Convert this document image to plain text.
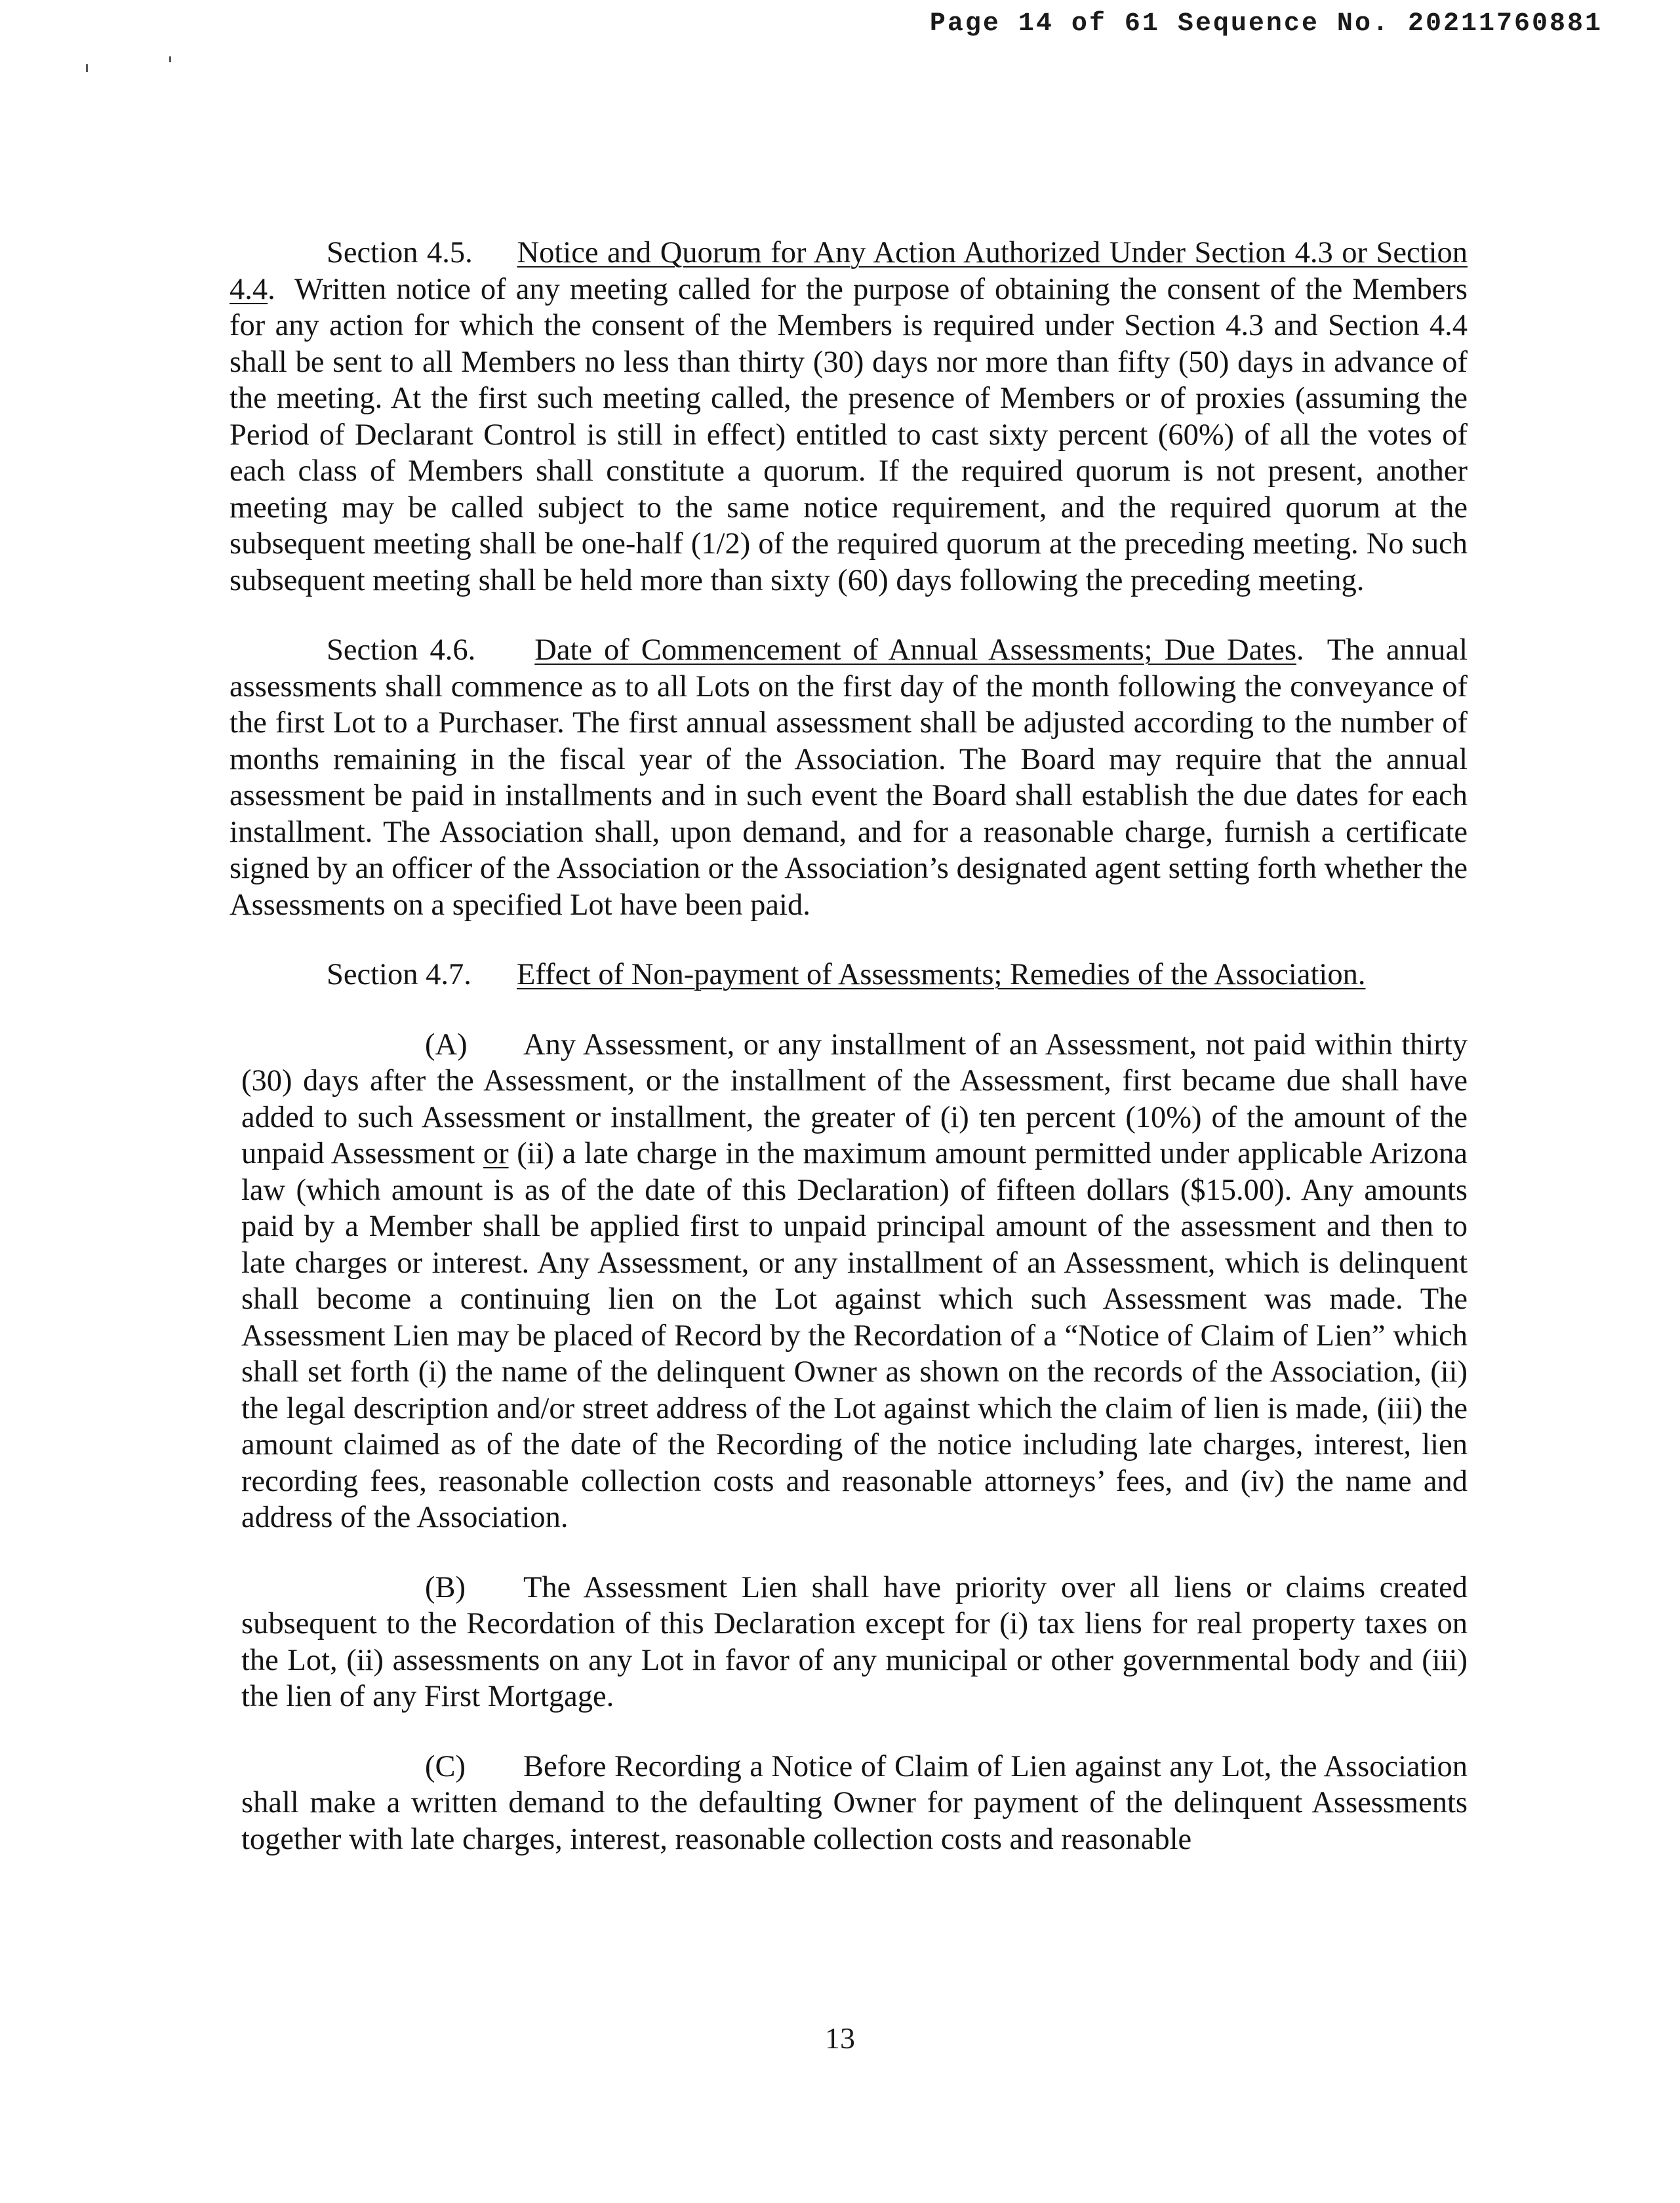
Page 14 of 61 Sequence No. 20211760881

Section 4.5. Notice and Quorum for Any Action Authorized Under Section 4.3 or Section 4.4. Written notice of any meeting called for the purpose of obtaining the consent of the Members for any action for which the consent of the Members is required under Section 4.3 and Section 4.4 shall be sent to all Members no less than thirty (30) days nor more than fifty (50) days in advance of the meeting. At the first such meeting called, the presence of Members or of proxies (assuming the Period of Declarant Control is still in effect) entitled to cast sixty percent (60%) of all the votes of each class of Members shall constitute a quorum. If the required quorum is not present, another meeting may be called subject to the same notice requirement, and the required quorum at the subsequent meeting shall be one-half (1/2) of the required quorum at the preceding meeting. No such subsequent meeting shall be held more than sixty (60) days following the preceding meeting.

Section 4.6. Date of Commencement of Annual Assessments; Due Dates. The annual assessments shall commence as to all Lots on the first day of the month following the conveyance of the first Lot to a Purchaser. The first annual assessment shall be adjusted according to the number of months remaining in the fiscal year of the Association. The Board may require that the annual assessment be paid in installments and in such event the Board shall establish the due dates for each installment. The Association shall, upon demand, and for a reasonable charge, furnish a certificate signed by an officer of the Association or the Association’s designated agent setting forth whether the Assessments on a specified Lot have been paid.

Section 4.7. Effect of Non-payment of Assessments; Remedies of the Association.

(A) Any Assessment, or any installment of an Assessment, not paid within thirty (30) days after the Assessment, or the installment of the Assessment, first became due shall have added to such Assessment or installment, the greater of (i) ten percent (10%) of the amount of the unpaid Assessment or (ii) a late charge in the maximum amount permitted under applicable Arizona law (which amount is as of the date of this Declaration) of fifteen dollars ($15.00). Any amounts paid by a Member shall be applied first to unpaid principal amount of the assessment and then to late charges or interest. Any Assessment, or any installment of an Assessment, which is delinquent shall become a continuing lien on the Lot against which such Assessment was made. The Assessment Lien may be placed of Record by the Recordation of a “Notice of Claim of Lien” which shall set forth (i) the name of the delinquent Owner as shown on the records of the Association, (ii) the legal description and/or street address of the Lot against which the claim of lien is made, (iii) the amount claimed as of the date of the Recording of the notice including late charges, interest, lien recording fees, reasonable collection costs and reasonable attorneys’ fees, and (iv) the name and address of the Association.

(B) The Assessment Lien shall have priority over all liens or claims created subsequent to the Recordation of this Declaration except for (i) tax liens for real property taxes on the Lot, (ii) assessments on any Lot in favor of any municipal or other governmental body and (iii) the lien of any First Mortgage.

(C) Before Recording a Notice of Claim of Lien against any Lot, the Association shall make a written demand to the defaulting Owner for payment of the delinquent Assessments together with late charges, interest, reasonable collection costs and reasonable

13
